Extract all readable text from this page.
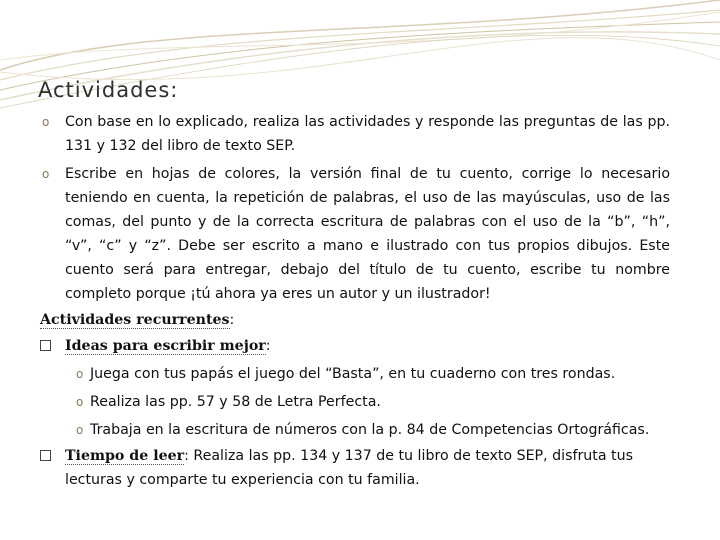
Actividades:
o Con base en lo explicado, realiza las actividades y responde las preguntas de las pp. 131 y 132 del libro de texto SEP.
o Escribe en hojas de colores, la versión final de tu cuento, corrige lo necesario teniendo en cuenta, la repetición de palabras, el uso de las mayúsculas, uso de las comas, del punto y de la correcta escritura de palabras con el uso de la “b”, “h”, “v”, “c” y “z”. Debe ser escrito a mano e ilustrado con tus propios dibujos. Este cuento será para entregar, debajo del título de tu cuento, escribe tu nombre completo porque ¡tú ahora ya eres un autor y un ilustrador!
Actividades recurrentes:
Ideas para escribir mejor:
o Juega con tus papás el juego del “Basta”, en tu cuaderno con tres rondas.
o Realiza las pp. 57 y 58 de Letra Perfecta.
o Trabaja en la escritura de números con la p. 84 de Competencias Ortográficas.
Tiempo de leer: Realiza las pp. 134 y 137 de tu libro de texto SEP, disfruta tus lecturas y comparte tu experiencia con tu familia.
